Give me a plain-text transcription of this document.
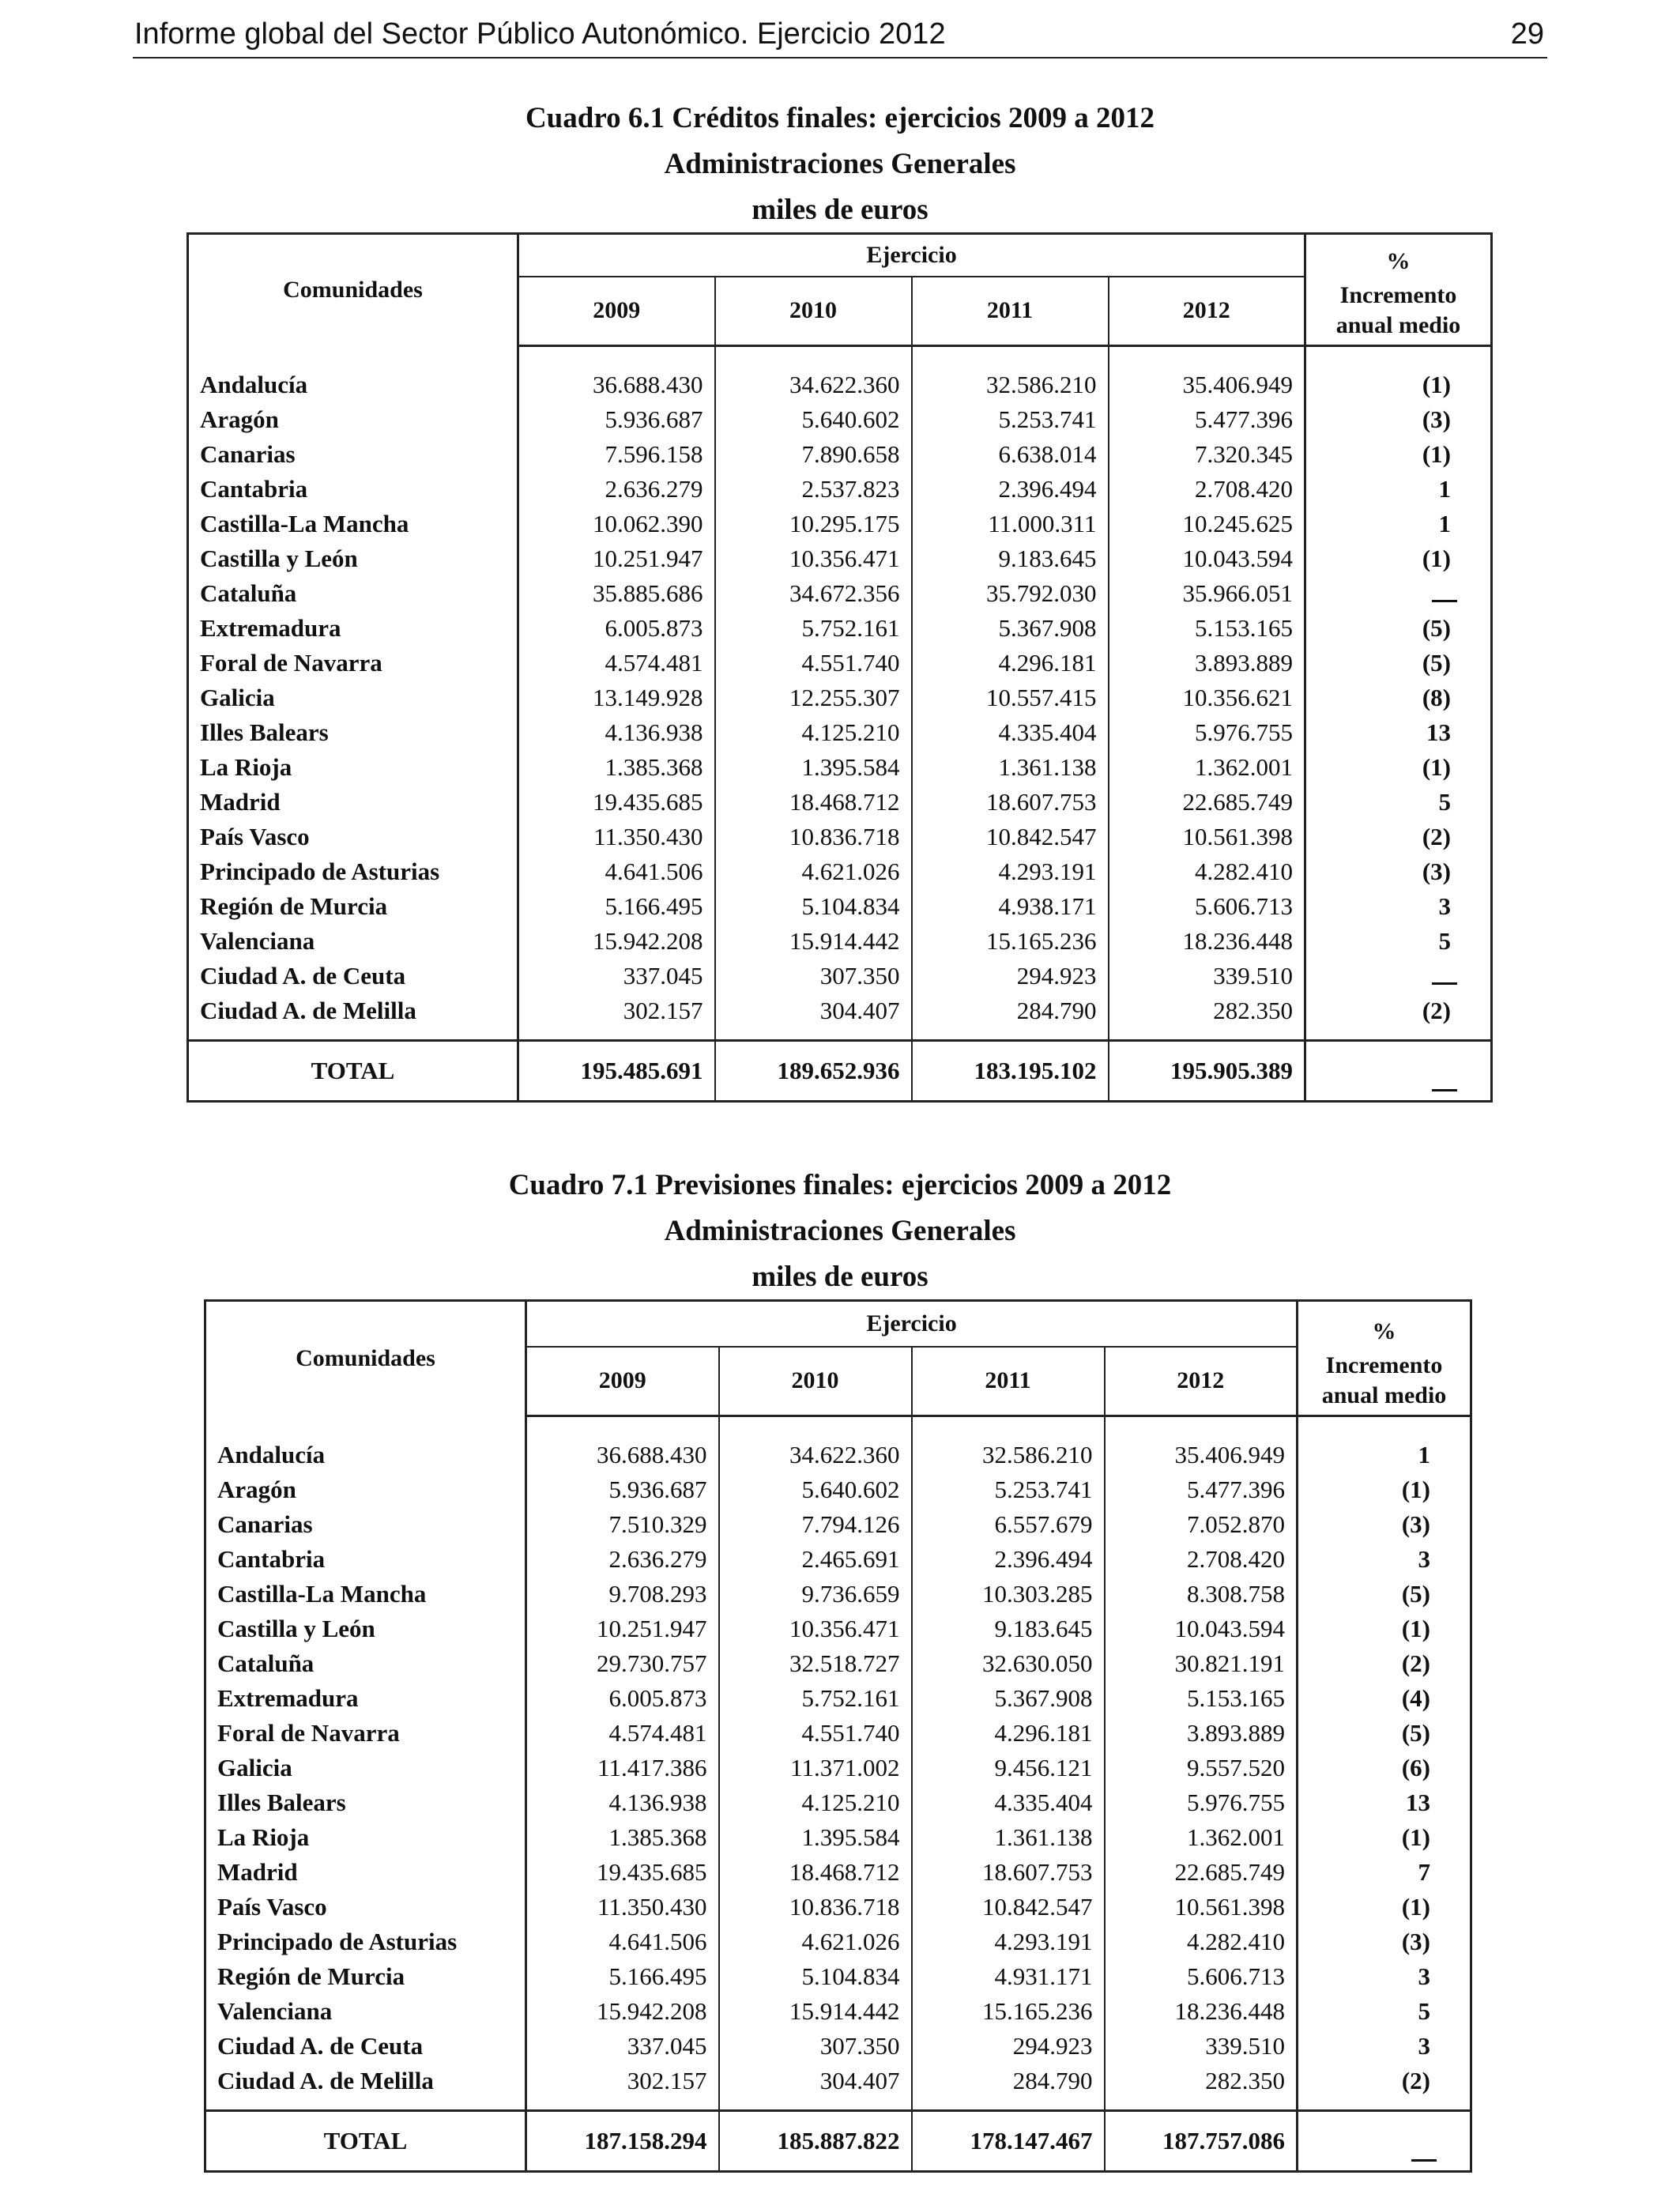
Informe global del Sector Público Autonómico. Ejercicio 2012	29
Cuadro 6.1 Créditos finales: ejercicios 2009 a 2012
Administraciones Generales
miles de euros
Comunidades	Ejercicio				%
	2009	2010	2011	2012	Incremento
anual medio

Andalucía	36.688.430	34.622.360	32.586.210	35.406.949	(1)
Aragón	5.936.687	5.640.602	5.253.741	5.477.396	(3)
Canarias	7.596.158	7.890.658	6.638.014	7.320.345	(1)
Cantabria	2.636.279	2.537.823	2.396.494	2.708.420	1
Castilla-La Mancha	10.062.390	10.295.175	11.000.311	10.245.625	1
Castilla y León	10.251.947	10.356.471	9.183.645	10.043.594	(1)
Cataluña	35.885.686	34.672.356	35.792.030	35.966.051	
Extremadura	6.005.873	5.752.161	5.367.908	5.153.165	(5)
Foral de Navarra	4.574.481	4.551.740	4.296.181	3.893.889	(5)
Galicia	13.149.928	12.255.307	10.557.415	10.356.621	(8)
Illes Balears	4.136.938	4.125.210	4.335.404	5.976.755	13
La Rioja	1.385.368	1.395.584	1.361.138	1.362.001	(1)
Madrid	19.435.685	18.468.712	18.607.753	22.685.749	5
País Vasco	11.350.430	10.836.718	10.842.547	10.561.398	(2)
Principado de Asturias	4.641.506	4.621.026	4.293.191	4.282.410	(3)
Región de Murcia	5.166.495	5.104.834	4.938.171	5.606.713	3
Valenciana	15.942.208	15.914.442	15.165.236	18.236.448	5
Ciudad A. de Ceuta	337.045	307.350	294.923	339.510	
Ciudad A. de Melilla	302.157	304.407	284.790	282.350	(2)
TOTAL	195.485.691	189.652.936	183.195.102	195.905.389	
Cuadro 7.1 Previsiones finales: ejercicios 2009 a 2012
Administraciones Generales
miles de euros
Comunidades	Ejercicio				%
	2009	2010	2011	2012	Incremento
anual medio

Andalucía	36.688.430	34.622.360	32.586.210	35.406.949	1
Aragón	5.936.687	5.640.602	5.253.741	5.477.396	(1)
Canarias	7.510.329	7.794.126	6.557.679	7.052.870	(3)
Cantabria	2.636.279	2.465.691	2.396.494	2.708.420	3
Castilla-La Mancha	9.708.293	9.736.659	10.303.285	8.308.758	(5)
Castilla y León	10.251.947	10.356.471	9.183.645	10.043.594	(1)
Cataluña	29.730.757	32.518.727	32.630.050	30.821.191	(2)
Extremadura	6.005.873	5.752.161	5.367.908	5.153.165	(4)
Foral de Navarra	4.574.481	4.551.740	4.296.181	3.893.889	(5)
Galicia	11.417.386	11.371.002	9.456.121	9.557.520	(6)
Illes Balears	4.136.938	4.125.210	4.335.404	5.976.755	13
La Rioja	1.385.368	1.395.584	1.361.138	1.362.001	(1)
Madrid	19.435.685	18.468.712	18.607.753	22.685.749	7
País Vasco	11.350.430	10.836.718	10.842.547	10.561.398	(1)
Principado de Asturias	4.641.506	4.621.026	4.293.191	4.282.410	(3)
Región de Murcia	5.166.495	5.104.834	4.931.171	5.606.713	3
Valenciana	15.942.208	15.914.442	15.165.236	18.236.448	5
Ciudad A. de Ceuta	337.045	307.350	294.923	339.510	3
Ciudad A. de Melilla	302.157	304.407	284.790	282.350	(2)
TOTAL	187.158.294	185.887.822	178.147.467	187.757.086	
